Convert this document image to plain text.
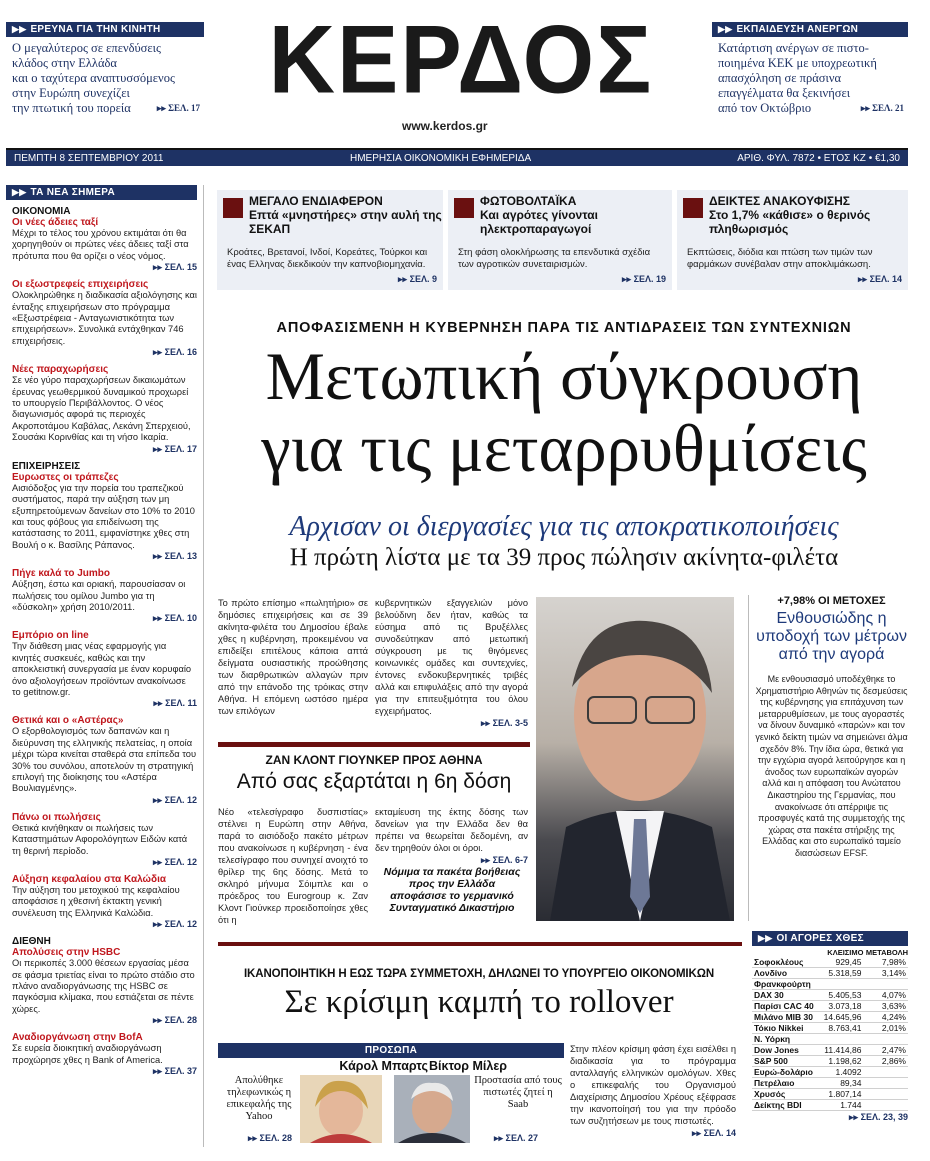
▶▶ ΕΡΕΥΝΑ ΓΙΑ ΤΗΝ ΚΙΝΗΤΗ

Ο μεγαλύτερος σε επενδύσεις

κλάδος στην Ελλάδα

και ο ταχύτερα αναπτυσσόμενος

στην Ευρώπη συνεχίζει

την πτωτική του πορεία	▸▸ ΣΕΛ. 17 ΚΕΡΔΟΣ
www.kerdos.gr
▶▶ ΕΚΠΑΙΔΕΥΣΗ ΑΝΕΡΓΩΝ

Κατάρτιση ανέργων σε πιστο-

ποιημένα ΚΕΚ με υποχρεωτική

απασχόληση σε πράσινα

επαγγέλματα θα ξεκινήσει

από τον Οκτώβριο	▸▸ ΣΕΛ. 21

ΠΕΜΠΤΗ 8 ΣΕΠΤΕΜΒΡΙΟΥ 2011	ΗΜΕΡΗΣΙΑ ΟΙΚΟΝΟΜΙΚΗ ΕΦΗΜΕΡΙΔΑ	ΑΡΙΘ. ΦΥΛ. 7872 • ΕΤΟΣ ΚΖ • €1,30
▶▶ ΤΑ ΝΕΑ ΣΗΜΕΡΑ
ΟΙΚΟΝΟΜΙΑ
Οι νέες άδειες ταξί
Μέχρι το τέλος του χρόνου εκτιμάται ότι θα χορηγηθούν οι πρώτες νέες άδειες ταξί στα πρότυπα που θα ορίζει ο νέος νόμος.
▸▸ ΣΕΛ. 15
Οι εξωστρεφείς επιχειρήσεις
Ολοκληρώθηκε η διαδικασία αξιολόγησης και ένταξης επιχειρήσεων στο πρόγραμμα «Εξωστρέφεια - Ανταγωνιστικότητα των επιχειρήσεων». Συνολικά εντάχθηκαν 746 επιχειρήσεις.
▸▸ ΣΕΛ. 16
Νέες παραχωρήσεις
Σε νέο γύρο παραχωρήσεων δικαιωμάτων έρευνας γεωθερμικού δυναμικού προχωρεί το υπουργείο Περιβάλλοντος. Ο νέος διαγωνισμός αφορά τις περιοχές Ακροποτάμου Καβάλας, Λεκάνη Σπερχειού, Σουσάκι Κορινθίας και τη νήσο Ικαρία.
▸▸ ΣΕΛ. 17
ΕΠΙΧΕΙΡΗΣΕΙΣ
Ευρωστες οι τράπεζες
Αισιόδοξος για την πορεία του τραπεζικού συστήματος, παρά την αύξηση των μη εξυπηρετούμενων δανείων στο 10% το 2010 και τους φόβους για επιδείνωση της κατάστασης το 2011, εμφανίστηκε χθες στη Βουλή ο κ. Βασίλης Ράπανος.
▸▸ ΣΕΛ. 13
Πήγε καλά το Jumbo
Αύξηση, έστω και οριακή, παρουσίασαν οι πωλήσεις του ομίλου Jumbo για τη «δύσκολη» χρήση 2010/2011.
▸▸ ΣΕΛ. 10
Εμπόριο on line
Την διάθεση μιας νέας εφαρμογής για κινητές συσκευές, καθώς και την αποκλειστική συνεργασία με έναν κορυφαίο όνο αξιολογήσεων προϊόντων ανακοίνωσε το getitnow.gr.
▸▸ ΣΕΛ. 11
Θετικά και ο «Αστέρας»
Ο εξορθολογισμός των δαπανών και η διεύρυνση της ελληνικής πελατείας, η οποία μέχρι τώρα κινείται σταθερά στα επίπεδα του 30% του συνόλου, αποτελούν τη στρατηγική επιλογή της διοίκησης του «Αστέρα Βουλιαγμένης».
▸▸ ΣΕΛ. 12
Πάνω οι πωλήσεις
Θετικά κινήθηκαν οι πωλήσεις των Καταστημάτων Αφορολόγητων Ειδών κατά τη θερινή περίοδο.
▸▸ ΣΕΛ. 12
Αύξηση κεφαλαίου στα Καλώδια
Την αύξηση του μετοχικού της κεφαλαίου αποφάσισε η χθεσινή έκτακτη γενική συνέλευση της Ελληνικά Καλώδια.
▸▸ ΣΕΛ. 12
ΔΙΕΘΝΗ
Απολύσεις στην HSBC
Οι περικοπές 3.000 θέσεων εργασίας μέσα σε φάσμα τριετίας είναι το πρώτο στάδιο στο πλάνο αναδιοργάνωσης της HSBC σε παγκόσμια κλίμακα, που εστιάζεται σε πέντε χώρες.
▸▸ ΣΕΛ. 28
Αναδιοργάνωση στην BofA
Σε ευρεία διοικητική αναδιοργάνωση προχώρησε χθες η Bank of America.
▸▸ ΣΕΛ. 37
ΜΕΓΑΛΟ ΕΝΔΙΑΦΕΡΟΝ
Επτά «μνηστήρες» στην αυλή της ΣΕΚΑΠ
Κροάτες, Βρετανοί, Ινδοί, Κορεάτες, Τούρκοι και ένας Ελληνας διεκδικούν την καπνοβιομηχανία.
▸▸ ΣΕΛ. 9
ΦΩΤΟΒΟΛΤΑΪΚΑ
Και αγρότες γίνονται ηλεκτροπαραγωγοί
Στη φάση ολοκλήρωσης τα επενδυτικά σχέδια των αγροτικών συνεταιρισμών.
▸▸ ΣΕΛ. 19
ΔΕΙΚΤΕΣ ΑΝΑΚΟΥΦΙΣΗΣ
Στο 1,7% «κάθισε» ο θερινός πληθωρισμός
Εκπτώσεις, διόδια και πτώση των τιμών των φαρμάκων συνέβαλαν στην αποκλιμάκωση.
▸▸ ΣΕΛ. 14
ΑΠΟΦΑΣΙΣΜΕΝΗ Η ΚΥΒΕΡΝΗΣΗ ΠΑΡΑ ΤΙΣ ΑΝΤΙΔΡΑΣΕΙΣ ΤΩΝ ΣΥΝΤΕΧΝΙΩΝ
Μετωπική σύγκρουση
για τις μεταρρυθμίσεις
Αρχισαν οι διεργασίες για τις αποκρατικοποιήσεις
Η πρώτη λίστα με τα 39 προς πώλησιν ακίνητα-φιλέτα
Το πρώτο επίσημο «πωλητήριο» σε δημόσιες επιχειρήσεις και σε 39 ακίνητα-φιλέτα του Δημοσίου έβαλε χθες η κυβέρνηση, προκειμένου να επιδείξει επιτέλους κάποια απτά δείγματα ουσιαστικής προώθησης των διαρθρωτικών αλλαγών πριν από την επάνοδο της τρόικας στην Αθήνα. Η επόμενη ωστόσο ημέρα των επιλόγων
κυβερνητικών εξαγγελιών μόνο βελούδινη δεν ήταν, καθώς τα εύσημα από τις Βρυξέλλες συνοδεύτηκαν από μετωπική σύγκρουση με τις θιγόμενες κοινωνικές ομάδες και συντεχνίες, έντονες ενδοκυβερνητικές τριβές αλλά και επιφυλάξεις από την αγορά για την επιτευξιμότητα του όλου εγχειρήματος.
▸▸ ΣΕΛ. 3-5
ΖΑΝ ΚΛΟΝΤ ΓΙΟΥΝΚΕΡ ΠΡΟΣ ΑΘΗΝΑ
Από σας εξαρτάται η 6η δόση
Νέο «τελεσίγραφο δυσπιστίας» στέλνει η Ευρώπη στην Αθήνα, παρά το αισιόδοξο πακέτο μέτρων που ανακοίνωσε η κυβέρνηση - ένα τελεσίγραφο που συνηχεί ανοιχτό το θρίλερ της 6ης δόσης. Μετά το σκληρό μήνυμα Σόιμπλε και ο πρόεδρος του Eurogroup κ. Ζαν Κλοντ Γιούνκερ προειδοποίησε χθες ότι η
εκταμίευση της έκτης δόσης των δανείων για την Ελλάδα δεν θα πρέπει να θεωρείται δεδομένη, αν δεν τηρηθούν όλοι οι όροι.
▸▸ ΣΕΛ. 6-7
Νόμιμα τα πακέτα βοήθειας προς την Ελλάδα αποφάσισε το γερμανικό Συνταγματικό Δικαστήριο
+7,98% ΟΙ ΜΕΤΟΧΕΣ
Ενθουσιώδης η υποδοχή των μέτρων από την αγορά
Με ενθουσιασμό υποδέχθηκε το Χρηματιστήριο Αθηνών τις δεσμεύσεις της κυβέρνησης για επιτάχυνση των μεταρρυθμίσεων, με τους αγοραστές να δίνουν δυναμικό «παρών» και τον γενικό δείκτη τιμών να σημειώνει άλμα σχεδόν 8%. Την ίδια ώρα, θετικά για την εγχώρια αγορά λειτούργησε και η άνοδος των ευρωπαϊκών αγορών αλλά και η απόφαση του Ανώτατου Δικαστηρίου της Γερμανίας, που ανακοίνωσε ότι απέρριψε τις προσφυγές κατά της συμμετοχής της χώρας στα πακέτα στήριξης της Ελλάδας και στο ευρωπαϊκό ταμείο διασώσεων EFSF.
▶▶ ΟΙ ΑΓΟΡΕΣ ΧΘΕΣ
	ΚΛΕΙΣΙΜΟ	ΜΕΤΑΒΟΛΗ
Σοφοκλέους	929,45	7,98%
Λονδίνο	5.318,59	3,14%
Φρανκφούρτη		
DAX 30	5.405,53	4,07%
Παρίσι CAC 40	3.073,18	3,63%
Μιλάνο MIB 30	14.645,96	4,24%
Τόκιο Nikkei	8.763,41	2,01%
Ν. Υόρκη		
Dow Jones	11.414,86	2,47%
S&P 500	1.198,62	2,86%
Ευρώ-δολάριο	1.4092	
Πετρέλαιο	89,34	
Χρυσός	1.807,14	
Δείκτης BDI	1.744	
▸▸ ΣΕΛ. 23, 39
ΙΚΑΝΟΠΟΙΗΤΙΚΗ Η ΕΩΣ ΤΩΡΑ ΣΥΜΜΕΤΟΧΗ, ΔΗΛΩΝΕΙ ΤΟ ΥΠΟΥΡΓΕΙΟ ΟΙΚΟΝΟΜΙΚΩΝ
Σε κρίσιμη καμπή το rollover
ΠΡΟΣΩΠΑ
Κάρολ Μπαρτς Βίκτορ Μίλερ
Απολύθηκε τηλεφωνικώς η επικεφαλής της Yahoo
▸▸ ΣΕΛ. 28
Προστασία από τους πιστωτές ζητεί η Saab
▸▸ ΣΕΛ. 27
Στην πλέον κρίσιμη φάση έχει εισέλθει η διαδικασία για το πρόγραμμα ανταλλαγής ελληνικών ομολόγων. Χθες ο επικεφαλής του Οργανισμού Διαχείρισης Δημοσίου Χρέους εξέφρασε την ικανοποίησή του για την πρόοδο των συζητήσεων με τους πιστωτές.
▸▸ ΣΕΛ. 14
